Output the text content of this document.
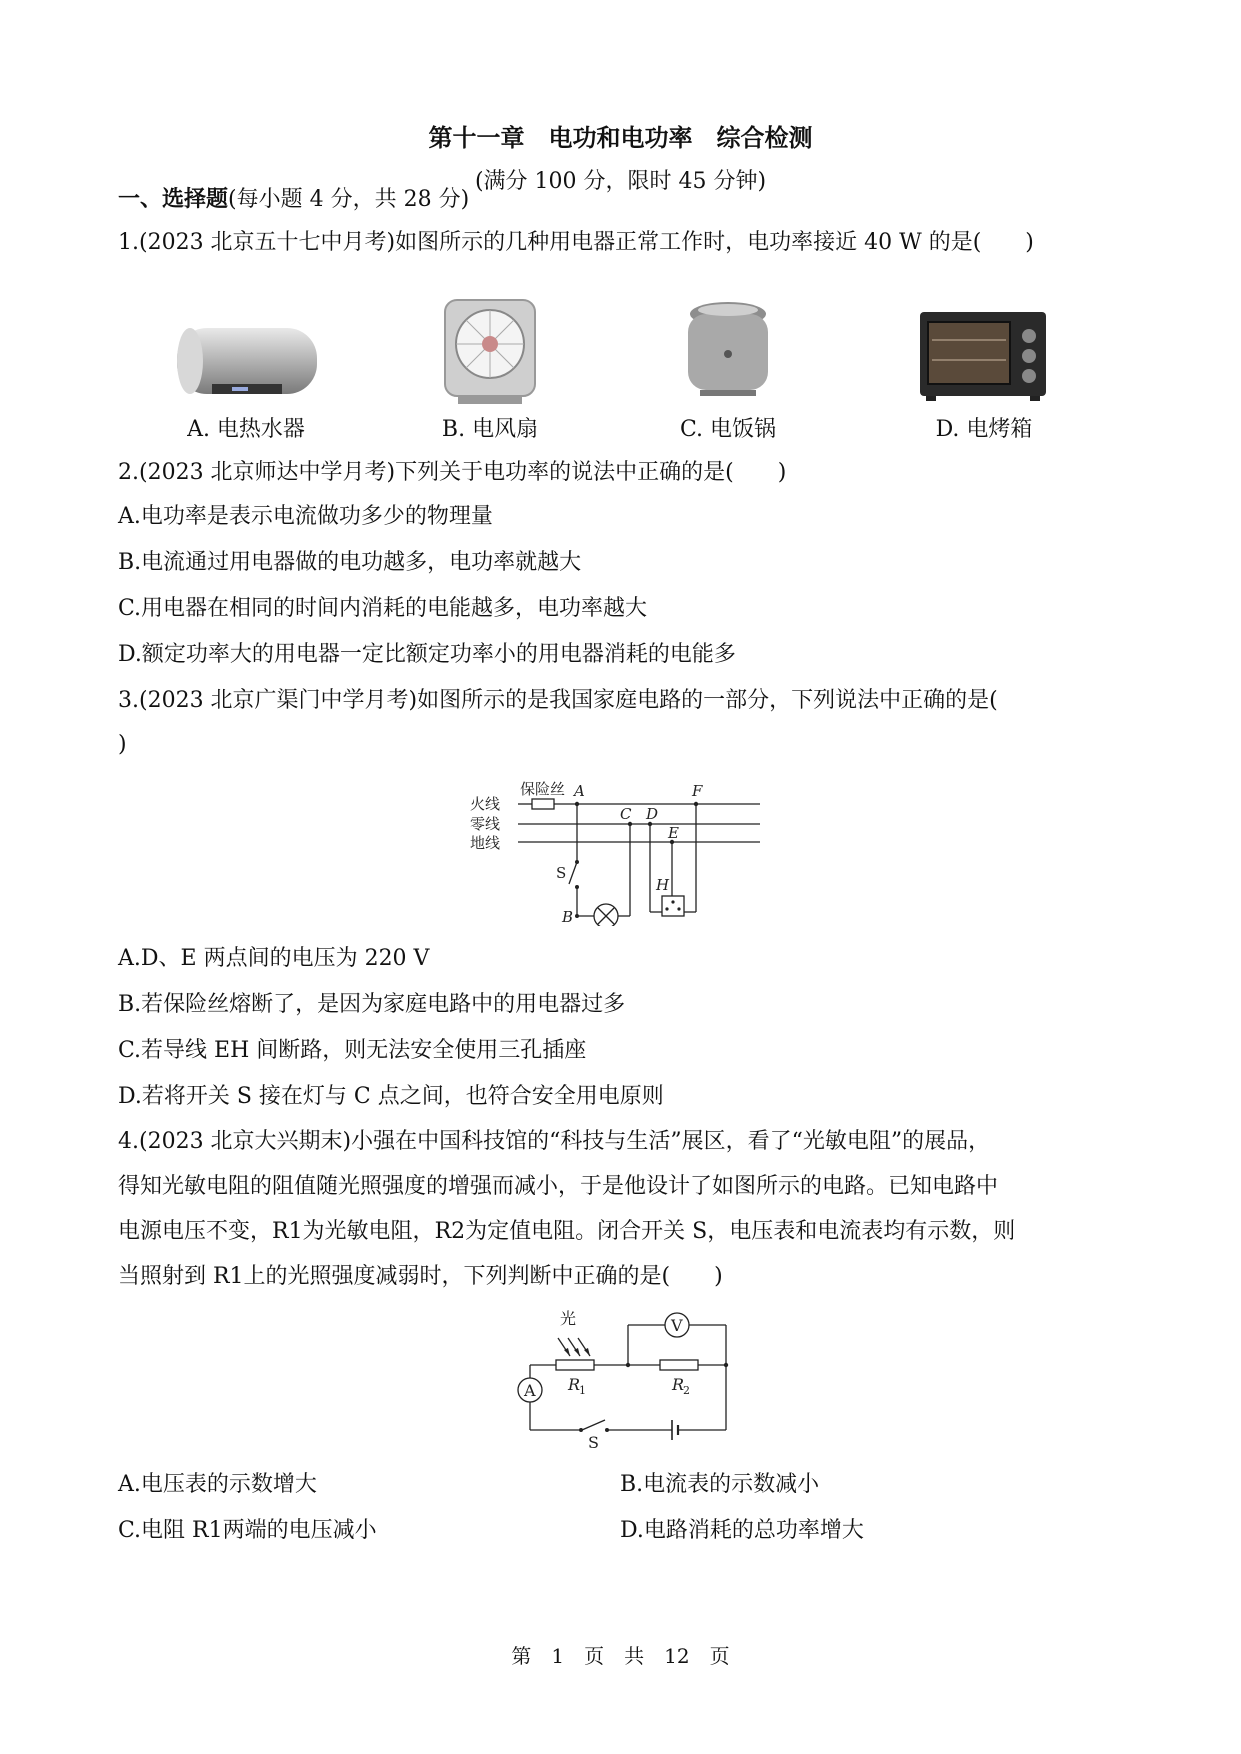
第十一章　电功和电功率　综合检测
(满分 100 分，限时 45 分钟)
一、选择题(每小题 4 分，共 28 分)
1.(2023 北京五十七中月考)如图所示的几种用电器正常工作时，电功率接近 40 W 的是(　　)
A. 电热水器	B. 电风扇	C. 电饭锅	D. 电烤箱
2.(2023 北京师达中学月考)下列关于电功率的说法中正确的是(　　)
A.电功率是表示电流做功多少的物理量
B.电流通过用电器做的电功越多，电功率就越大
C.用电器在相同的时间内消耗的电能越多，电功率越大
D.额定功率大的用电器一定比额定功率小的用电器消耗的电能多
3.(2023 北京广渠门中学月考)如图所示的是我国家庭电路的一部分，下列说法中正确的是(
)
火线
零线
地线
保险丝 A
C D
F
E
H
S
B
A.D、E 两点间的电压为 220 V
B.若保险丝熔断了，是因为家庭电路中的用电器过多
C.若导线 EH 间断路，则无法安全使用三孔插座
D.若将开关 S 接在灯与 C 点之间，也符合安全用电原则
4.(2023 北京大兴期末)小强在中国科技馆的“科技与生活”展区，看了“光敏电阻”的展品，
得知光敏电阻的阻值随光照强度的增强而减小，于是他设计了如图所示的电路。已知电路中
电源电压不变，R1为光敏电阻，R2为定值电阻。闭合开关 S，电压表和电流表均有示数，则
当照射到 R1上的光照强度减弱时，下列判断中正确的是(　　)
光	V
A R
1	R
2
S
A.电压表的示数增大	B.电流表的示数减小
C.电阻 R1两端的电压减小	D.电路消耗的总功率增大
第　1　页　共　12　页
